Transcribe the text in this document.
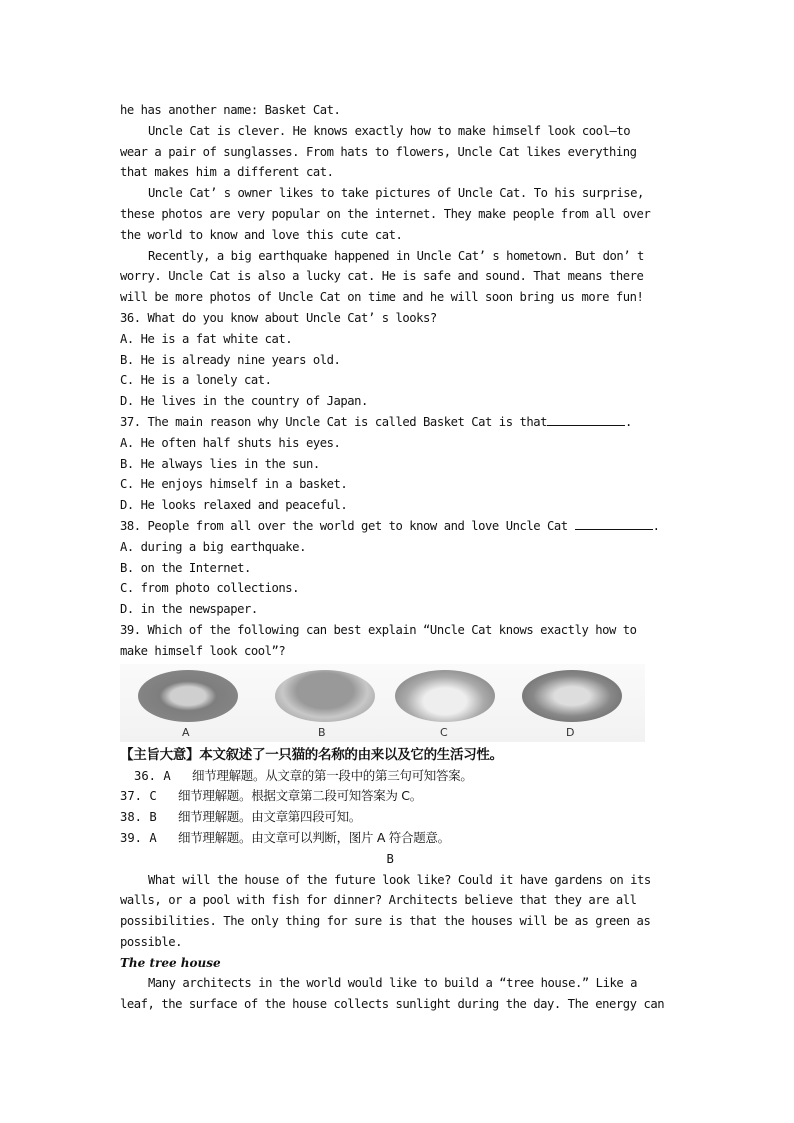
he has another name: Basket Cat.
Uncle Cat is clever. He knows exactly how to make himself look cool—to
wear a pair of sunglasses. From hats to flowers, Uncle Cat likes everything
that makes him a different cat.
Uncle Cat’ s owner likes to take pictures of Uncle Cat. To his surprise,
these photos are very popular on the internet. They make people from all over
the world to know and love this cute cat.
Recently, a big earthquake happened in Uncle Cat’ s hometown. But don’ t
worry. Uncle Cat is also a lucky cat. He is safe and sound. That means there
will be more photos of Uncle Cat on time and he will soon bring us more fun!
36. What do you know about Uncle Cat’ s looks?
A. He is a fat white cat.
B. He is already nine years old.
C. He is a lonely cat.
D. He lives in the country of Japan.
37. The main reason why Uncle Cat is called Basket Cat is that	.
A. He often half shuts his eyes.
B. He always lies in the sun.
C. He enjoys himself in a basket.
D. He looks relaxed and peaceful.
38. People from all over the world get to know and love Uncle Cat	.
A. during a big earthquake.
B. on the Internet.
C. from photo collections.
D. in the newspaper.
39. Which of the following can best explain “Uncle Cat knows exactly how to
make himself look cool”?
A	B	C	D
【主旨大意】本文叙述了一只猫的名称的由来以及它的生活习性。
36. A 细节理解题。从文章的第一段中的第三句可知答案。
37. C 细节理解题。根据文章第二段可知答案为 C。
38. B 细节理解题。由文章第四段可知。
39. A 细节理解题。由文章可以判断，图片 A 符合题意。
B
What will the house of the future look like? Could it have gardens on its
walls, or a pool with fish for dinner? Architects believe that they are all
possibilities. The only thing for sure is that the houses will be as green as
possible.
The tree house
Many architects in the world would like to build a “tree house.” Like a
leaf, the surface of the house collects sunlight during the day. The energy can
